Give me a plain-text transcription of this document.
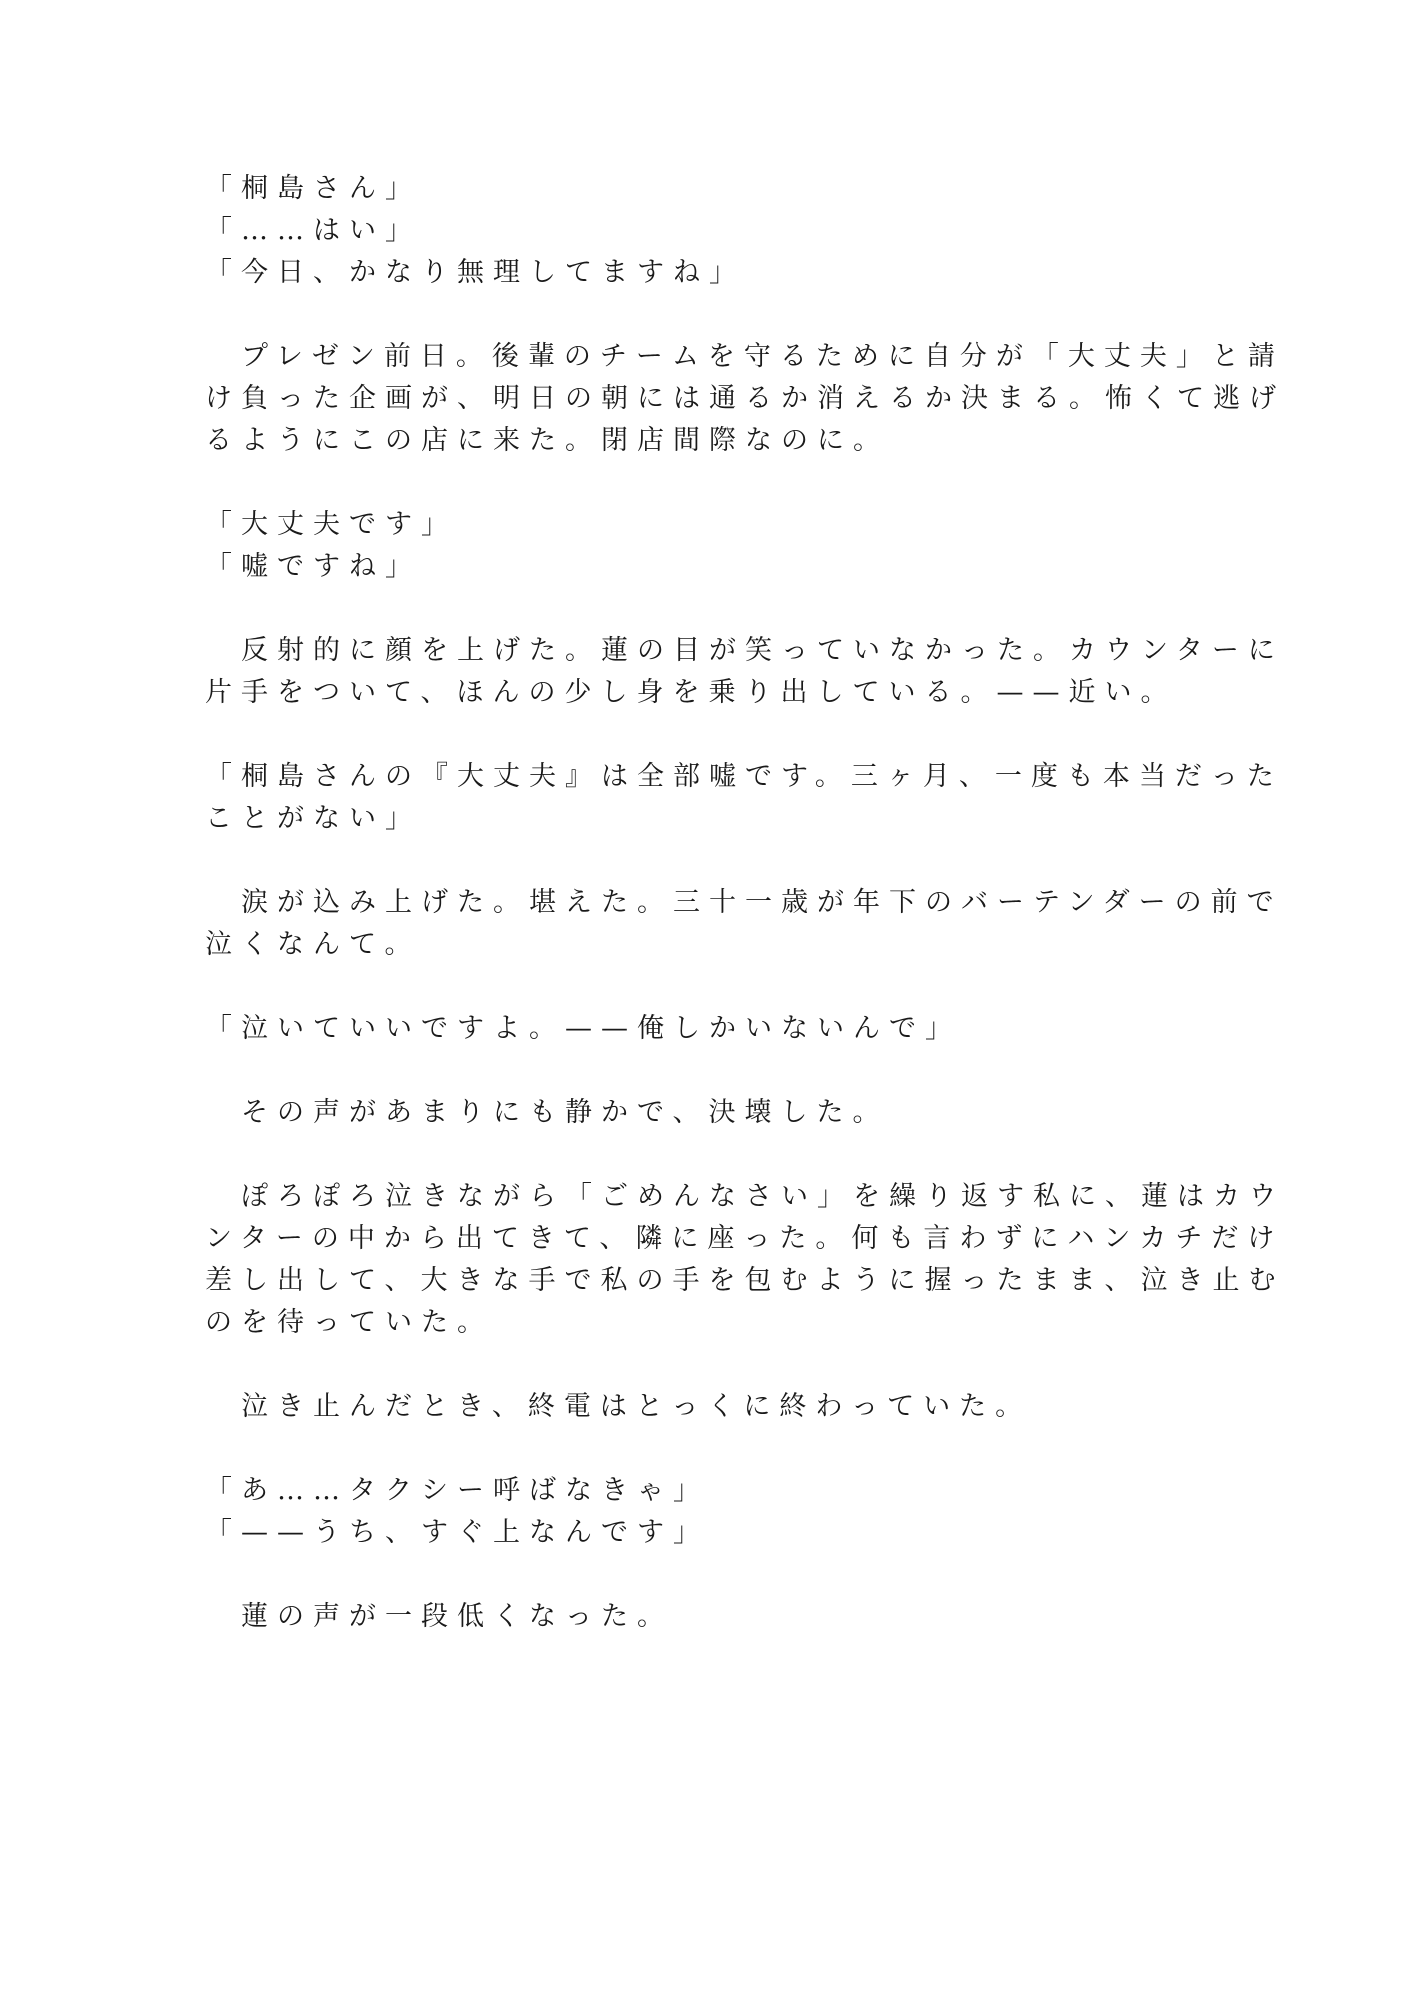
「桐島さん」
「……はい」
「今日、かなり無理してますね」
　プレゼン前日。後輩のチームを守るために自分が「大丈夫」と請
け負った企画が、明日の朝には通るか消えるか決まる。怖くて逃げ
るようにこの店に来た。閉店間際なのに。
「大丈夫です」
「嘘ですね」
　反射的に顔を上げた。蓮の目が笑っていなかった。カウンターに
片手をついて、ほんの少し身を乗り出している。——近い。
「桐島さんの『大丈夫』は全部嘘です。三ヶ月、一度も本当だった
ことがない」
　涙が込み上げた。堪えた。三十一歳が年下のバーテンダーの前で
泣くなんて。
「泣いていいですよ。——俺しかいないんで」
　その声があまりにも静かで、決壊した。
　ぽろぽろ泣きながら「ごめんなさい」を繰り返す私に、蓮はカウ
ンターの中から出てきて、隣に座った。何も言わずにハンカチだけ
差し出して、大きな手で私の手を包むように握ったまま、泣き止む
のを待っていた。
　泣き止んだとき、終電はとっくに終わっていた。
「あ……タクシー呼ばなきゃ」
「——うち、すぐ上なんです」
　蓮の声が一段低くなった。
